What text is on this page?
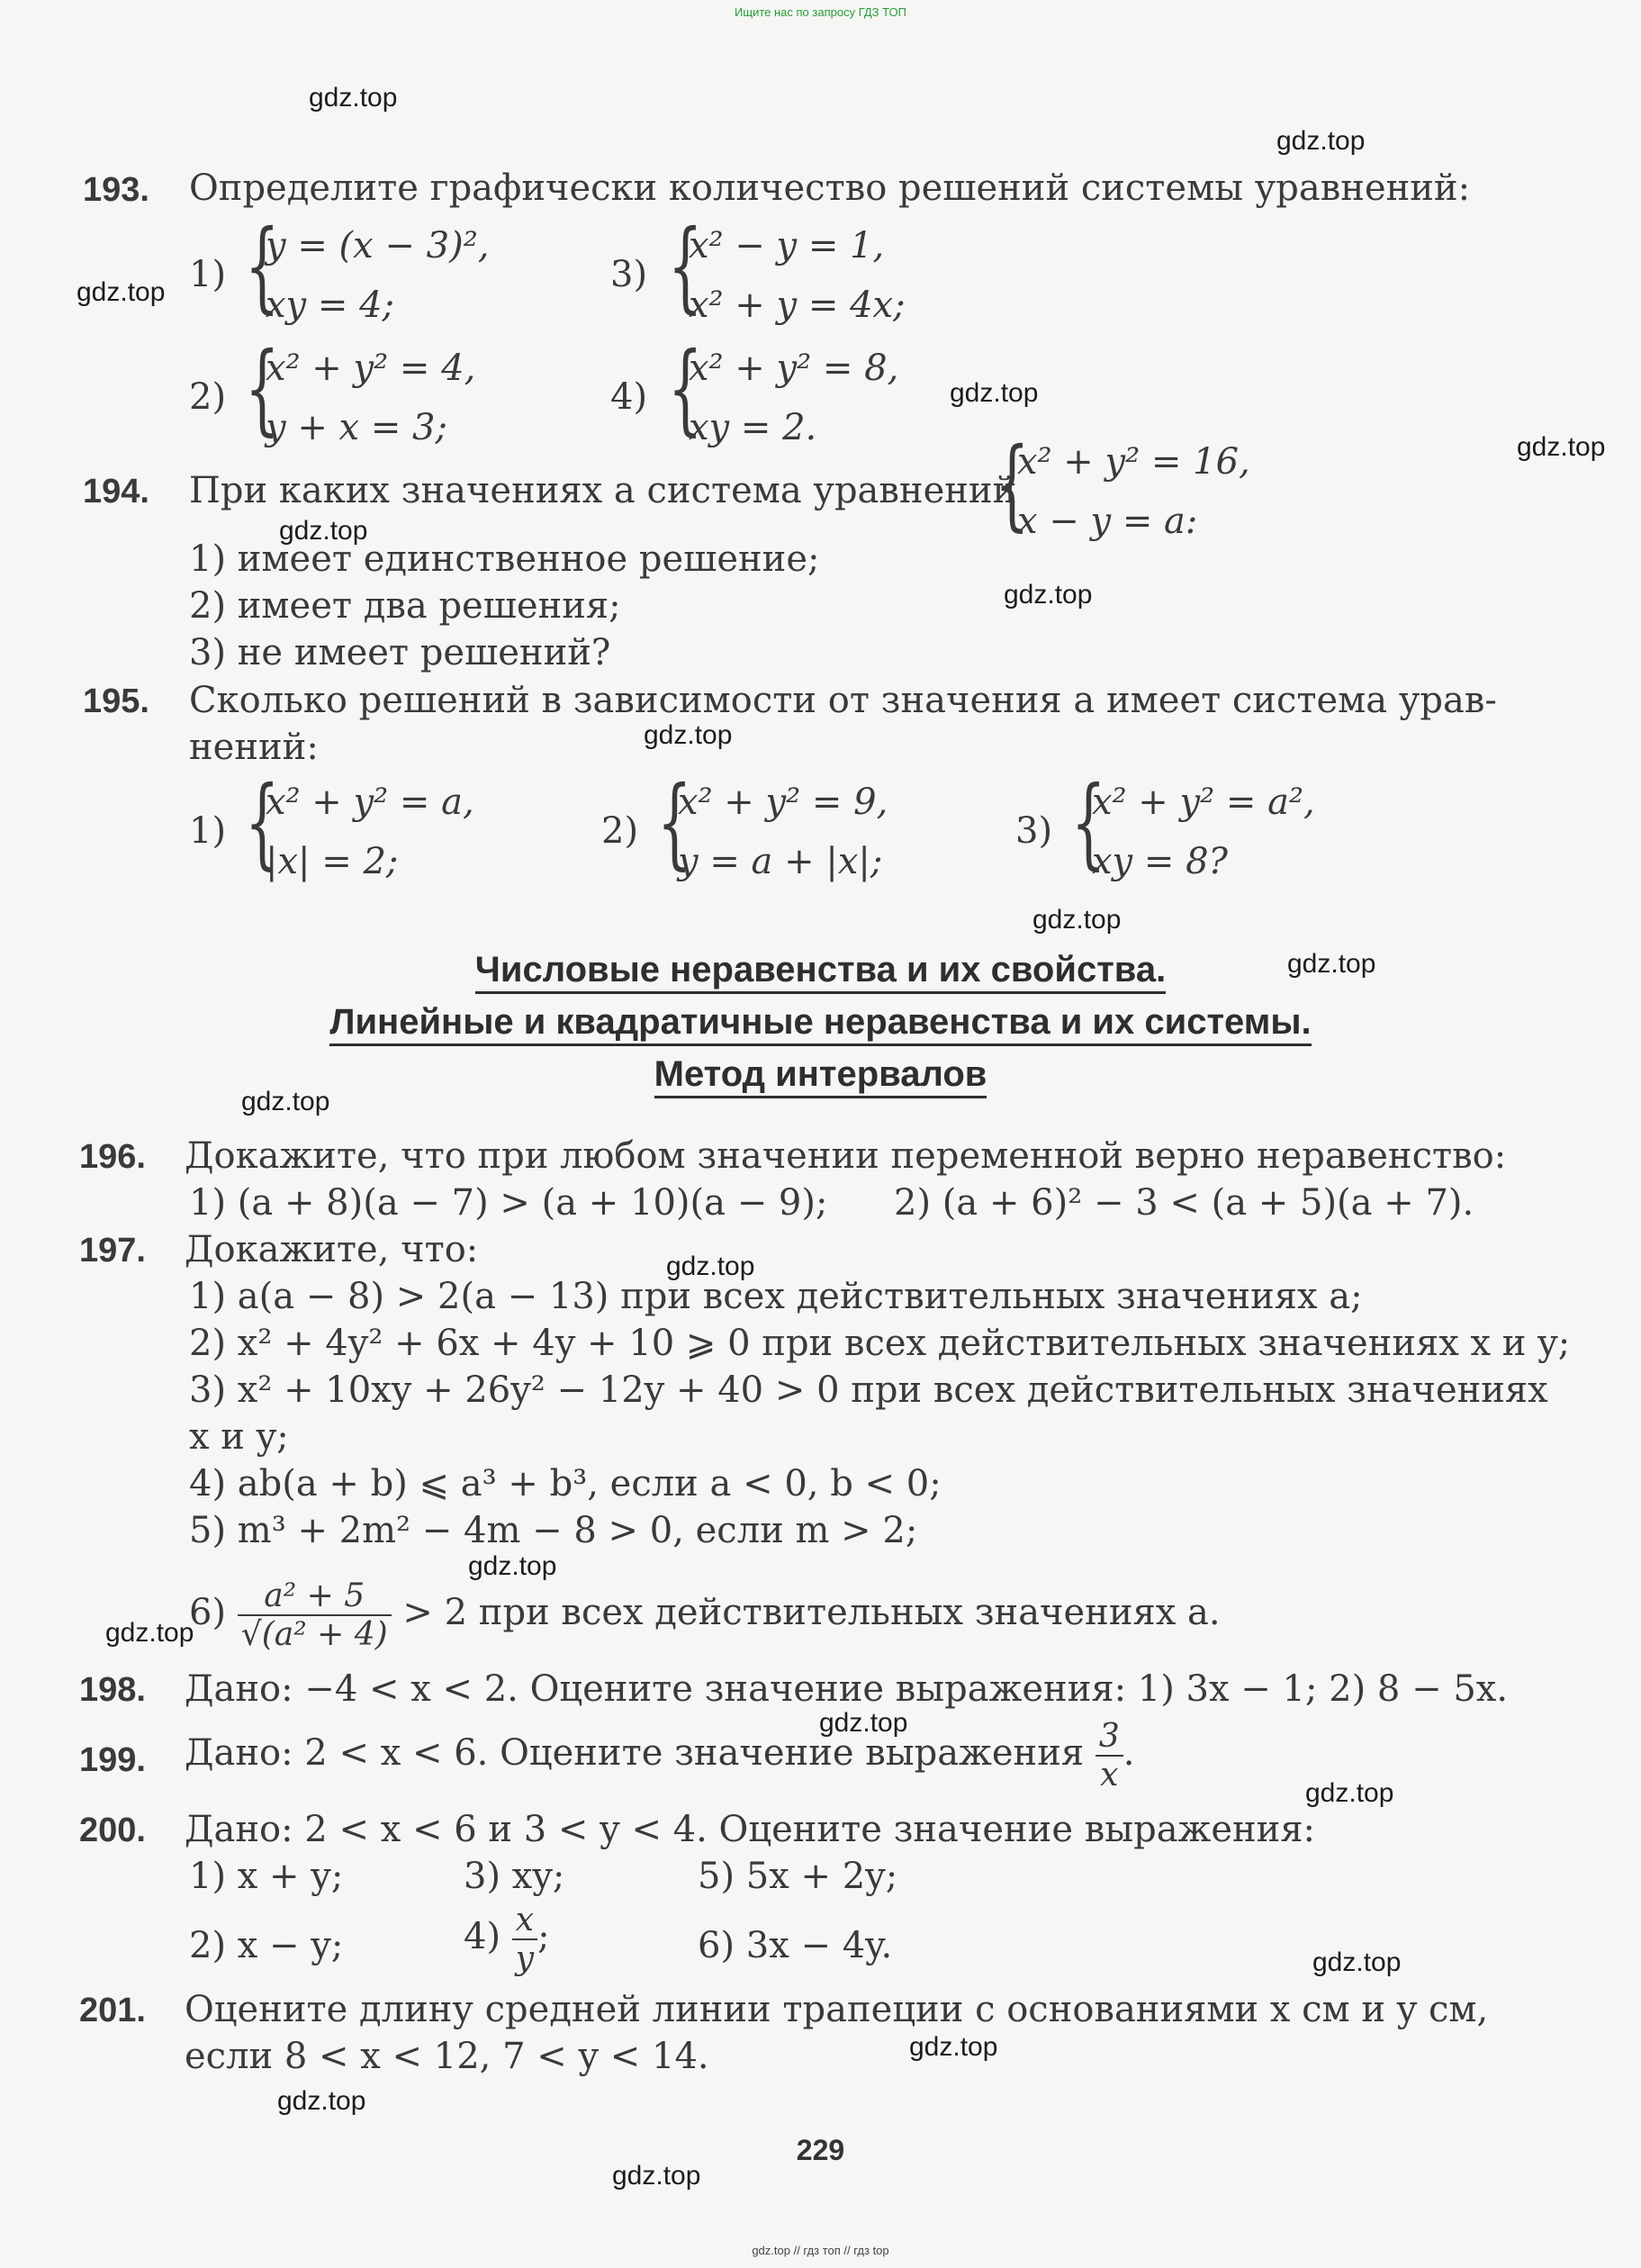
Ищите нас по запросу ГДЗ ТОП
gdz.top
gdz.top
gdz.top
gdz.top
gdz.top
gdz.top
gdz.top
gdz.top
gdz.top
gdz.top
gdz.top
gdz.top
gdz.top
gdz.top
gdz.top
gdz.top
gdz.top
gdz.top
gdz.top
gdz.top
193. Определите графически количество решений системы уравнений:
1) {
y = (x − 3)²,
xy = 4;
3) {
x² − y = 1,
x² + y = 4x;
2) {
x² + y² = 4,
y + x = 3;
4) {
x² + y² = 8,
xy = 2.
194. При каких значениях a система уравнений
{
x² + y² = 16,
x − y = a:
1) имеет единственное решение;
2) имеет два решения;
3) не имеет решений?
195. Сколько решений в зависимости от значения a имеет система урав-
нений:
1) {
x² + y² = a,
|x| = 2;
2) {
x² + y² = 9,
y = a + |x|;
3) {
x² + y² = a²,
xy = 8?
Числовые неравенства и их свойства.
Линейные и квадратичные неравенства и их системы.
Метод интервалов
196. Докажите, что при любом значении переменной верно неравенство:
1) (a + 8)(a − 7) > (a + 10)(a − 9); 2) (a + 6)² − 3 < (a + 5)(a + 7).
197. Докажите, что:
1) a(a − 8) > 2(a − 13) при всех действительных значениях a;
2) x² + 4y² + 6x + 4y + 10 ⩾ 0 при всех действительных значениях x и y;
3) x² + 10xy + 26y² − 12y + 40 > 0 при всех действительных значениях
x и y;
4) ab(a + b) ⩽ a³ + b³, если a < 0, b < 0;
5) m³ + 2m² − 4m − 8 > 0, если m > 2;
$6) \frac{\text{a² + 5}}{\text{√(a² + 4)}} > 2$ при всех действительных значениях a.
198. Дано: −4 < x < 2. Оцените значение выражения: 1) 3x − 1; 2) 8 − 5x.
199. Дано: 2 < x < 6. Оцените значение выражения $\frac{3}{x}$ .
200. Дано: 2 < x < 6 и 3 < y < 4. Оцените значение выражения:
1) x + y;	3) xy;	5) 5x + 2y;
2) x − y;	$4) \frac{x}{y}$ ;	6) 3x − 4y.
201. Оцените длину средней линии трапеции с основаниями x см и y см,
если 8 < x < 12, 7 < y < 14.
229
gdz.top // гдз топ // гдз top
